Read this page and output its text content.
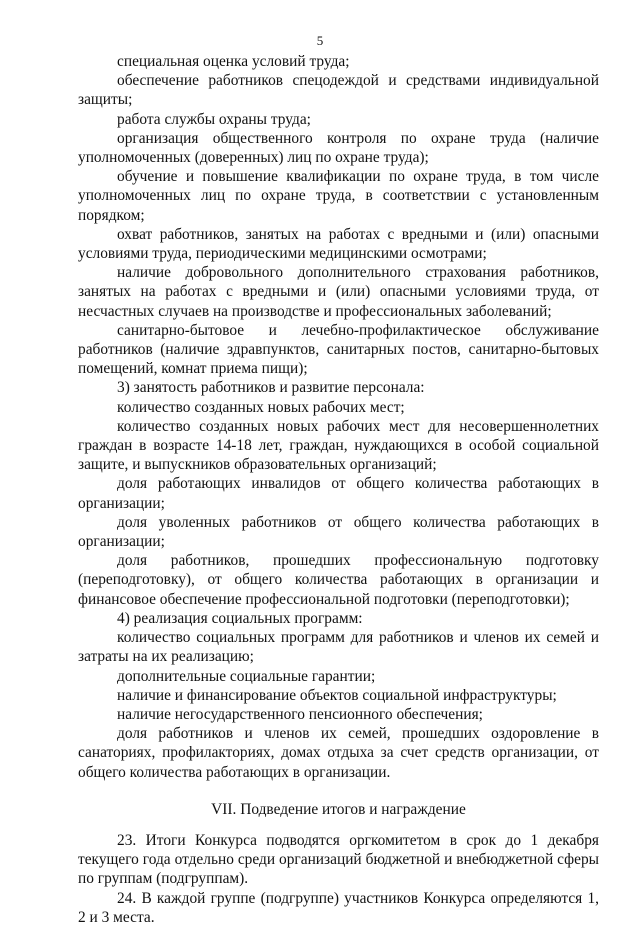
5

специальная оценка условий труда;

обеспечение работников спецодеждой и средствами индивидуальной защиты;

работа службы охраны труда;

организация общественного контроля по охране труда (наличие уполномоченных (доверенных) лиц по охране труда);

обучение и повышение квалификации по охране труда, в том числе уполномоченных лиц по охране труда, в соответствии с установленным порядком;

охват работников, занятых на работах с вредными и (или) опасными условиями труда, периодическими медицинскими осмотрами;

наличие добровольного дополнительного страхования работников, занятых на работах с вредными и (или) опасными условиями труда, от несчастных случаев на производстве и профессиональных заболеваний;

санитарно-бытовое и лечебно-профилактическое обслуживание работников (наличие здравпунктов, санитарных постов, санитарно-бытовых помещений, комнат приема пищи);

3) занятость работников и развитие персонала:

количество созданных новых рабочих мест;

количество созданных новых рабочих мест для несовершеннолетних граждан в возрасте 14-18 лет, граждан, нуждающихся в особой социальной защите, и выпускников образовательных организаций;

доля работающих инвалидов от общего количества работающих в организации;

доля уволенных работников от общего количества работающих в организации;

доля работников, прошедших профессиональную подготовку (переподготовку), от общего количества работающих в организации и финансовое обеспечение профессиональной подготовки (переподготовки);

4) реализация социальных программ:

количество социальных программ для работников и членов их семей и затраты на их реализацию;

дополнительные социальные гарантии;

наличие и финансирование объектов социальной инфраструктуры;

наличие негосударственного пенсионного обеспечения;

доля работников и членов их семей, прошедших оздоровление в санаториях, профилакториях, домах отдыха за счет средств организации, от общего количества работающих в организации.

VII. Подведение итогов и награждение

23. Итоги Конкурса подводятся оргкомитетом в срок до 1 декабря текущего года отдельно среди организаций бюджетной и внебюджетной сферы по группам (подгруппам).

24. В каждой группе (подгруппе) участников Конкурса определяются 1, 2 и 3 места.
